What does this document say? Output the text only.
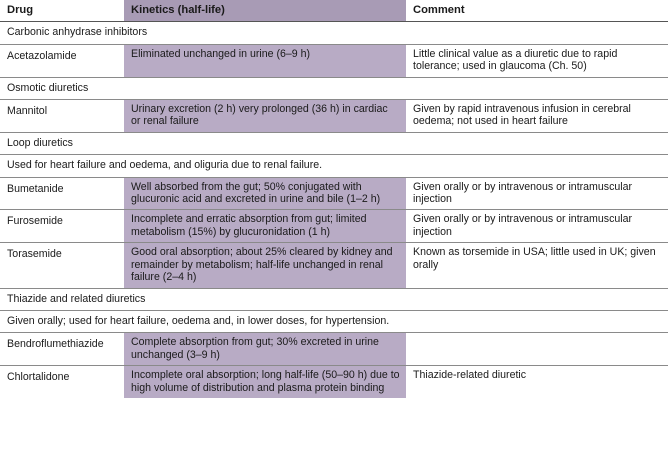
Drug	Kinetics (half-life)	Comment
Carbonic anhydrase inhibitors		
Acetazolamide	Eliminated unchanged in urine (6–9 h)	Little clinical value as a diuretic due to rapid tolerance; used in glaucoma (Ch. 50)
Osmotic diuretics		
Mannitol	Urinary excretion (2 h) very prolonged (36 h) in cardiac or renal failure	Given by rapid intravenous infusion in cerebral oedema; not used in heart failure
Loop diuretics		
Used for heart failure and oedema, and oliguria due to renal failure.		
Bumetanide	Well absorbed from the gut; 50% conjugated with glucuronic acid and excreted in urine and bile (1–2 h)	Given orally or by intravenous or intramuscular injection
Furosemide	Incomplete and erratic absorption from gut; limited metabolism (15%) by glucuronidation (1 h)	Given orally or by intravenous or intramuscular injection
Torasemide	Good oral absorption; about 25% cleared by kidney and remainder by metabolism; half-life unchanged in renal failure (2–4 h)	Known as torsemide in USA; little used in UK; given orally
Thiazide and related diuretics		
Given orally; used for heart failure, oedema and, in lower doses, for hypertension.		
Bendroflumethiazide	Complete absorption from gut; 30% excreted in urine unchanged (3–9 h)	
Chlortalidone	Incomplete oral absorption; long half-life (50–90 h) due to high volume of distribution and plasma protein binding	Thiazide-related diuretic
